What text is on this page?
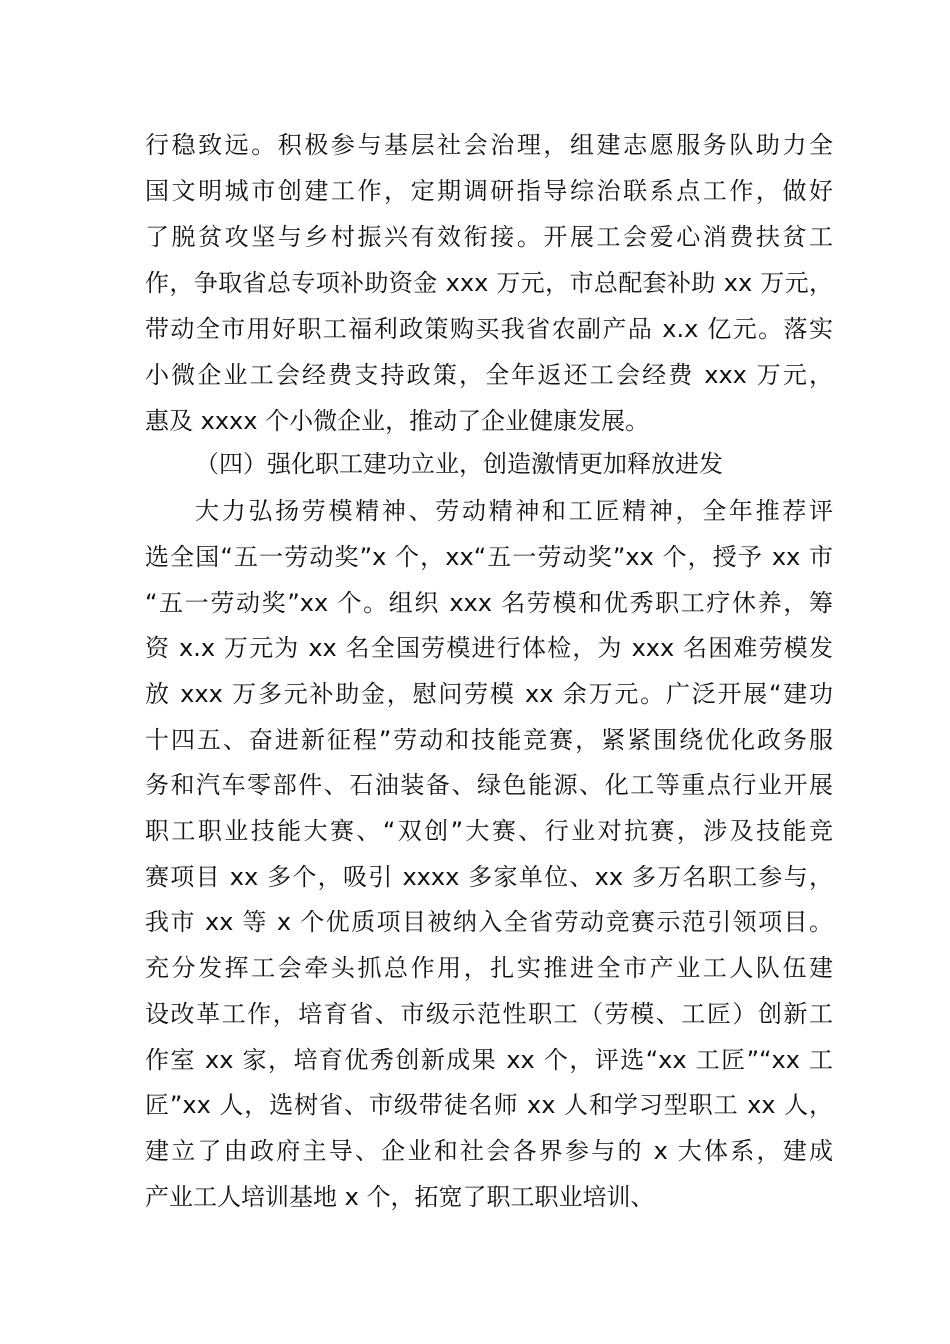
行稳致远。积极参与基层社会治理，组建志愿服务队助力全
国文明城市创建工作，定期调研指导综治联系点工作，做好
了脱贫攻坚与乡村振兴有效衔接。开展工会爱心消费扶贫工
作，争取省总专项补助资金 xxx 万元，市总配套补助 xx 万元，
带动全市用好职工福利政策购买我省农副产品 x.x 亿元。落实
小微企业工会经费支持政策，全年返还工会经费 xxx 万元，
惠及 xxxx 个小微企业，推动了企业健康发展。
（四）强化职工建功立业，创造激情更加释放进发
大力弘扬劳模精神、劳动精神和工匠精神，全年推荐评
选全国“五一劳动奖”x 个，xx“五一劳动奖”xx 个，授予 xx 市
“五一劳动奖”xx 个。组织 xxx 名劳模和优秀职工疗休养，筹
资 x.x 万元为 xx 名全国劳模进行体检，为 xxx 名困难劳模发
放 xxx 万多元补助金，慰问劳模 xx 余万元。广泛开展“建功
十四五、奋进新征程”劳动和技能竞赛，紧紧围绕优化政务服
务和汽车零部件、石油装备、绿色能源、化工等重点行业开展
职工职业技能大赛、“双创”大赛、行业对抗赛，涉及技能竞
赛项目 xx 多个，吸引 xxxx 多家单位、xx 多万名职工参与，
我市 xx 等 x 个优质项目被纳入全省劳动竞赛示范引领项目。
充分发挥工会牵头抓总作用，扎实推进全市产业工人队伍建
设改革工作，培育省、市级示范性职工（劳模、工匠）创新工
作室 xx 家，培育优秀创新成果 xx 个，评选“xx 工匠”“xx 工
匠”xx 人，选树省、市级带徒名师 xx 人和学习型职工 xx 人，
建立了由政府主导、企业和社会各界参与的 x 大体系，建成
产业工人培训基地 x 个，拓宽了职工职业培训、
